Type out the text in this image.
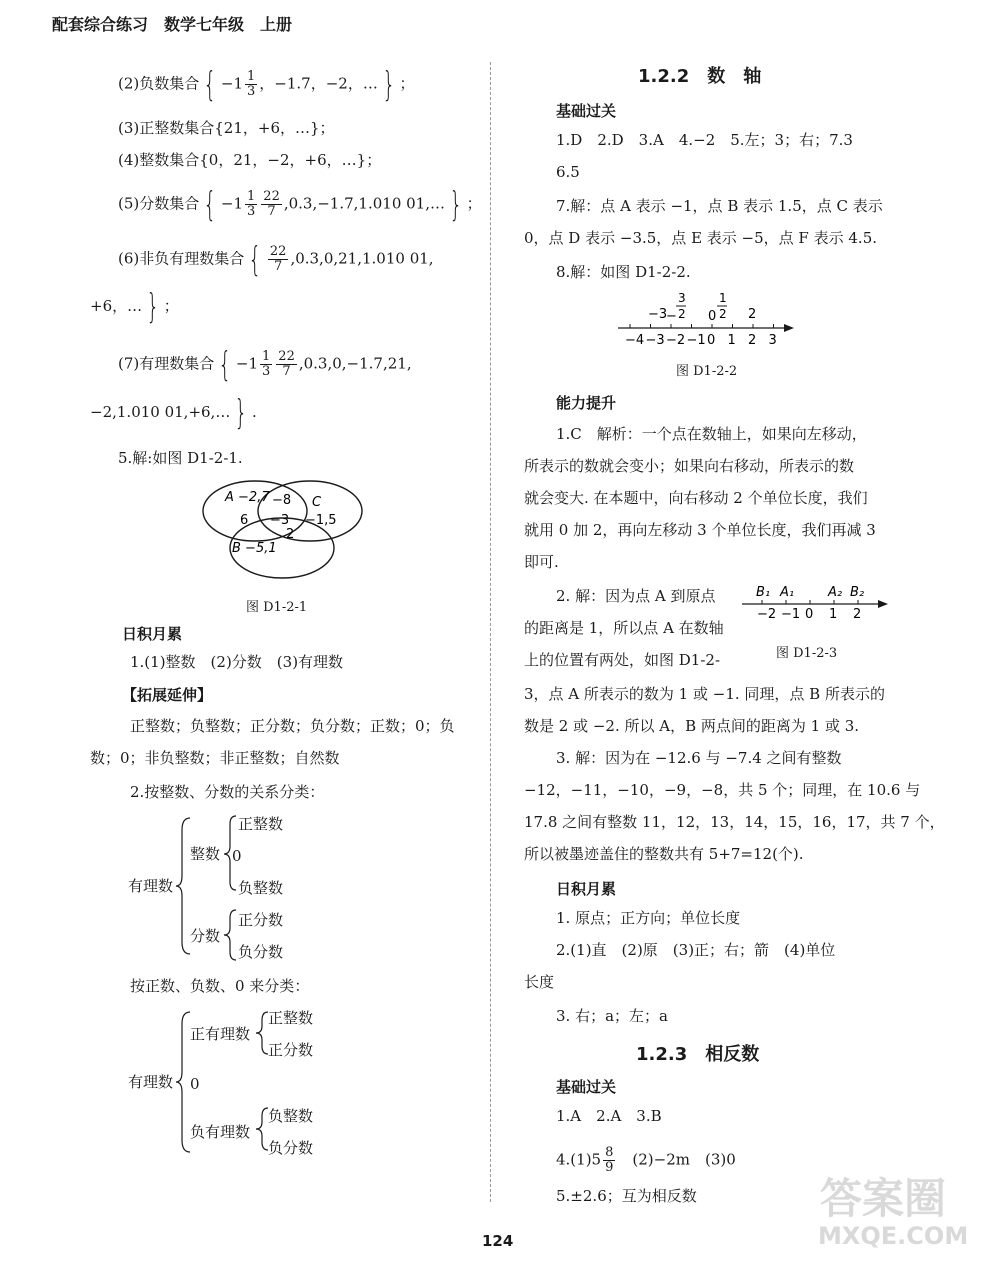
配套综合练习　数学七年级　上册
(2)负数集合 { $-1 \frac{1}{3}$ ，−1.7，−2，… } ；
(3)正整数集合{21，+6，…}；
(4)整数集合{0，21，−2，+6，…}；
(5)分数集合 { $-1 \frac{1}{3} \frac{22}{7} ,0.3,-1.7,1.010$ 01,… } ；
(6)非负有理数集合 { $\frac{22}{7} ,0.3,0,21,1.010$ 01,
+6，… } ；
(7)有理数集合 { $-1 \frac{1}{3} \frac{22}{7} ,0.3,0,-1.7,21$,
−2,1.010 01,+6,… } .
5.解:如图 D1-2-1.
A −2,7 −8 C
−1,5
6 −3
2
B −5,1
图 D1-2-1
日积月累
1.(1)整数　(2)分数　(3)有理数
【拓展延伸】
正整数；负整数；正分数；负分数；正数；0；负
数；0；非负整数；非正整数；自然数
2.按整数、分数的关系分类：
有理数
整数
正整数
0
负整数
分数
正分数
负分数
按正数、负数、0 来分类：
有理数
正有理数
正整数
正分数
0
负有理数
负整数
负分数
1.2.2　数　轴
基础过关
1.D　2.D　3.A　4.−2　5.左；3；右；7.3
6.5
7.解：点 A 表示 −1，点 B 表示 1.5，点 C 表示
0，点 D 表示 −3.5，点 E 表示 −5，点 F 表示 4.5.
8.解：如图 D1-2-2.
−4 −3 −2 −1 0 1 2 3
−3
−
3
2 0
1
2 2
图 D1-2-2
能力提升
1.C　解析：一个点在数轴上，如果向左移动，
所表示的数就会变小；如果向右移动，所表示的数
就会变大. 在本题中，向右移动 2 个单位长度，我们
就用 0 加 2，再向左移动 3 个单位长度，我们再减 3
即可.
2. 解：因为点 A 到原点
的距离是 1，所以点 A 在数轴
上的位置有两处，如图 D1-2-
−2 −1 0 1 2
B₁ A₁	A₂ B₂
图 D1-2-3
3，点 A 所表示的数为 1 或 −1. 同理，点 B 所表示的
数是 2 或 −2. 所以 A，B 两点间的距离为 1 或 3.
3. 解：因为在 −12.6 与 −7.4 之间有整数
−12，−11，−10，−9，−8，共 5 个；同理，在 10.6 与
17.8 之间有整数 11，12，13，14，15，16，17，共 7 个，
所以被墨迹盖住的整数共有 5+7=12(个).
日积月累
1. 原点；正方向；单位长度
2.(1)直　(2)原　(3)正；右；箭　(4)单位
长度
3. 右；a；左；a
1.2.3　相反数
基础过关
1.A　2.A　3.B
$4.(1)5 \frac{8}{9}$
　 (2)−2m　(3)0
5.±2.6；互为相反数
124
答案圈
MXQE.COM
